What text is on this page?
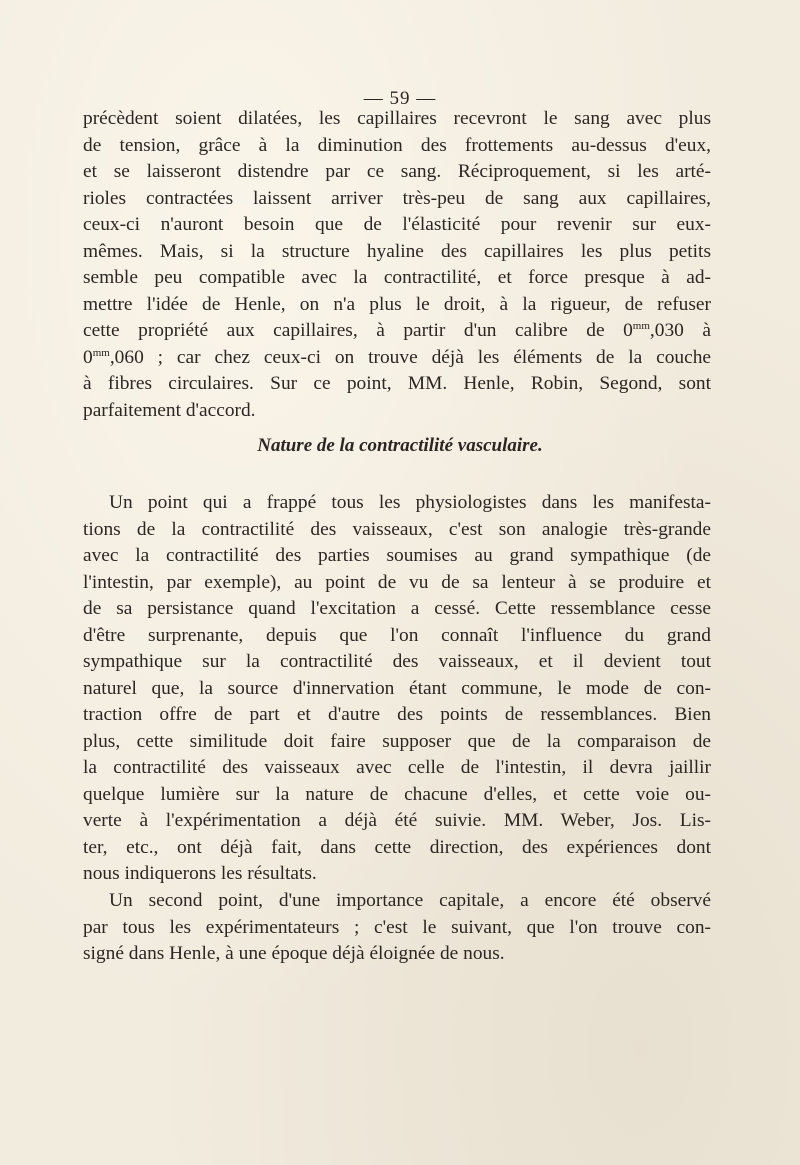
— 59 —

précèdent soient dilatées, les capillaires recevront le sang avec plus
de tension, grâce à la diminution des frottements au-dessus d'eux,
et se laisseront distendre par ce sang. Réciproquement, si les arté-
rioles contractées laissent arriver très-peu de sang aux capillaires,
ceux-ci n'auront besoin que de l'élasticité pour revenir sur eux-
mêmes. Mais, si la structure hyaline des capillaires les plus petits
semble peu compatible avec la contractilité, et force presque à ad-
mettre l'idée de Henle, on n'a plus le droit, à la rigueur, de refuser
cette propriété aux capillaires, à partir d'un calibre de $0^{mm},030$ à
$0^{mm},060$ ; car chez ceux-ci on trouve déjà les éléments de la couche
à fibres circulaires. Sur ce point, MM. Henle, Robin, Segond, sont
parfaitement d'accord.

Nature de la contractilité vasculaire.

Un point qui a frappé tous les physiologistes dans les manifesta-
tions de la contractilité des vaisseaux, c'est son analogie très-grande
avec la contractilité des parties soumises au grand sympathique (de
l'intestin, par exemple), au point de vu de sa lenteur à se produire et
de sa persistance quand l'excitation a cessé. Cette ressemblance cesse
d'être surprenante, depuis que l'on connaît l'influence du grand
sympathique sur la contractilité des vaisseaux, et il devient tout
naturel que, la source d'innervation étant commune, le mode de con-
traction offre de part et d'autre des points de ressemblances. Bien
plus, cette similitude doit faire supposer que de la comparaison de
la contractilité des vaisseaux avec celle de l'intestin, il devra jaillir
quelque lumière sur la nature de chacune d'elles, et cette voie ou-
verte à l'expérimentation a déjà été suivie. MM. Weber, Jos. Lis-
ter, etc., ont déjà fait, dans cette direction, des expériences dont
nous indiquerons les résultats.

Un second point, d'une importance capitale, a encore été observé
par tous les expérimentateurs ; c'est le suivant, que l'on trouve con-
signé dans Henle, à une époque déjà éloignée de nous.
